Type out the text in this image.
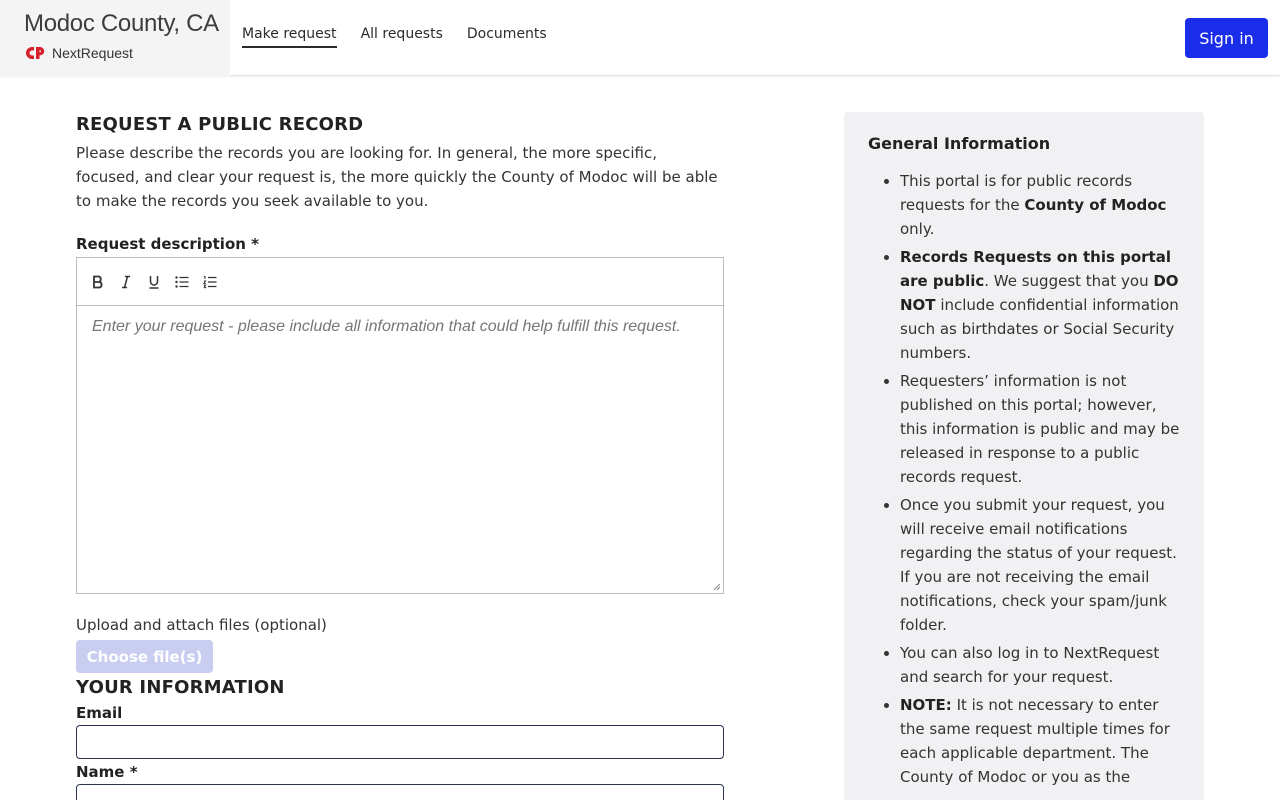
Modoc County, CA
NextRequest
Make request All requests Documents	Sign in
REQUEST A PUBLIC RECORD

Please describe the records you are looking for. In general, the more specific, focused, and clear your request is, the more quickly the County of Modoc will be able to make the records you seek available to you.

Request description *
Enter your request - please include all information that could help fulfill this request.
Upload and attach files (optional)
Choose file(s)
YOUR INFORMATION
Email
Name *
General Information
• This portal is for public records requests for the County of Modoc only.
• Records Requests on this portal are public. We suggest that you DO NOT include confidential information such as birthdates or Social Security numbers.
• Requesters’ information is not published on this portal; however, this information is public and may be released in response to a public records request.
• Once you submit your request, you will receive email notifications regarding the status of your request. If you are not receiving the email notifications, check your spam/junk folder.
• You can also log in to NextRequest and search for your request.
• NOTE: It is not necessary to enter the same request multiple times for each applicable department. The County of Modoc or you as the
